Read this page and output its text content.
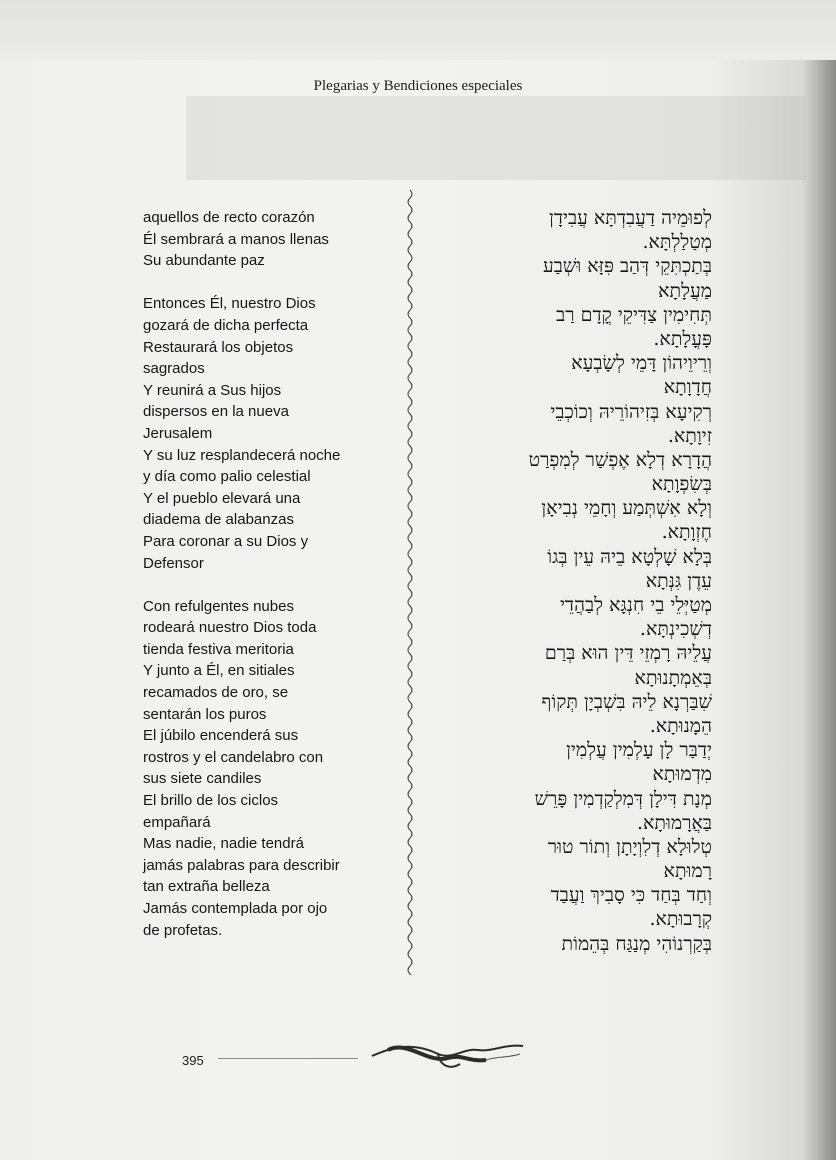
Plegarias y Bendiciones especiales
aquellos de recto corazón
Él sembrará a manos llenas
Su abundante paz
Entonces Él, nuestro Dios
gozará de dicha perfecta
Restaurará los objetos
sagrados
Y reunirá a Sus hijos
dispersos en la nueva
Jerusalem
Y su luz resplandecerá noche
y día como palio celestial
Y el pueblo elevará una
diadema de alabanzas
Para coronar a su Dios y
Defensor
Con refulgentes nubes
rodeará nuestro Dios toda
tienda festiva meritoria
Y junto a Él, en sitiales
recamados de oro, se
sentarán los puros
El júbilo encenderá sus
rostros y el candelabro con
sus siete candiles
El brillo de los ciclos
empañará
Mas nadie, nadie tendrá
jamás palabras para describir
tan extraña belleza
Jamás contemplada por ojo
de profetas.
לְפוּמֵיה דַעֲבִדְתָּא עֲבִידָן
מְטַלַלְתָּא.
בְּתַכְתִּקֵי דְּהַב פִּזָּא וּשְׁבַע
מַעֲלָתָא
תְּחִימִין צַדִּיקֵי קֳדָם רַב
פָּעֳלָתָא.
וְרֵיוֵיהוֹן דָּמֵי לְשָׂבְעָא
חֲדָוָתָא
רְקִיעָא בְּזִיהוֹרֵיהּ וְכוֹכְבֵי
זִיוָתָא.
הֲדָרָא דְלָא אֶפְשַׁר לְמִפְרַט
בְּשִׂפְוָתָא
וְלָא אִשְׁתְּמַע וְחָמֵי נְבִיאָן
חֶזְוָתָא.
בְּלָא שָׁלְטָא בֵיהּ עֵין בְּגוֹ
עֵדֶן גִּנְּתָא
מְטַיְּלֵי בֵי חִנְגָּא לְבַהֲדֵי
דְשְׁכִינְתָּא.
עֲלֵיהּ רָמְזֵי דֵּין הוּא בְּרַם
בְּאֵמְתָנוּתָא
שִׁבַּרְנָא לֵיהּ בִּשְׁבְיָן תְּקוֹף
הֵמָנוּתָא.
יְדַבַּר לָן עָלְמִין עֲלְמִין
מִדְמוּתָא
מְנָת דִּילָן דְּמִלְקַדְמִין פָּרֵשׁ
בַּאֲרָמוּתָא.
טְלוּלָא דְלִוְיָתָן וְתוֹר טוּר
רָמוּתָא
וְחַד בְּחַד כִּי סָבִיךְ וַעֲבַד
קְרָבוּתָא.
בְּקַרְנוֹהִי מְנַגַּח בְּהֵמוֹת
395
